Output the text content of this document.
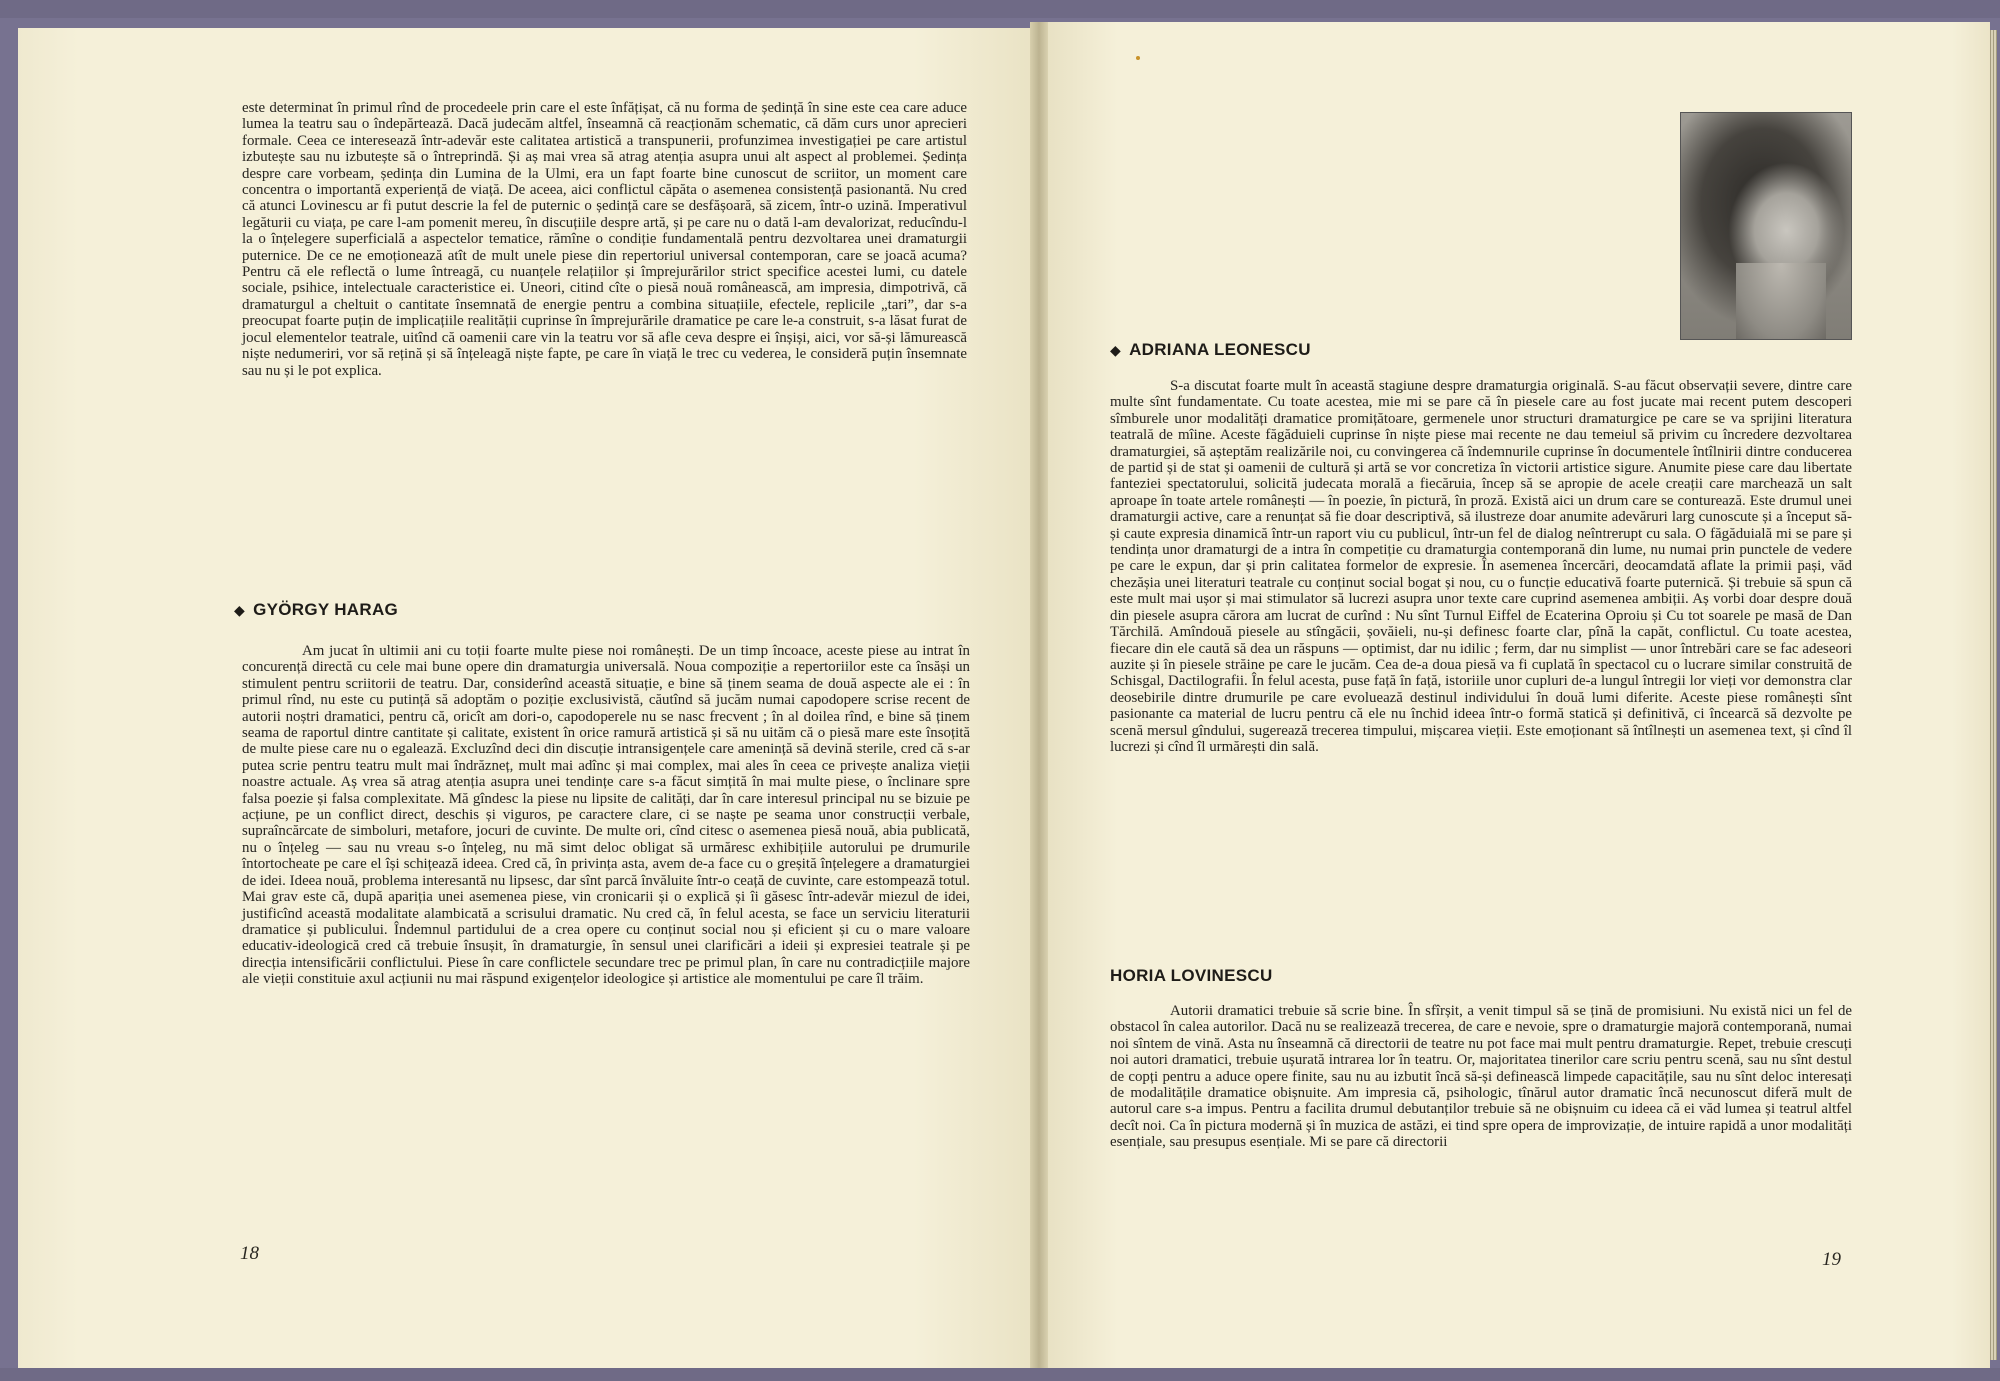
este determinat în primul rînd de procedeele prin care el este înfățișat, că nu forma de ședință în sine este cea care aduce lumea la teatru sau o îndepărtează. Dacă judecăm altfel, înseamnă că reacționăm schematic, că dăm curs unor aprecieri formale. Ceea ce interesează într-adevăr este calitatea artistică a transpunerii, profunzimea investigației pe care artistul izbutește sau nu izbutește să o întreprindă. Și aș mai vrea să atrag atenția asupra unui alt aspect al problemei. Ședința despre care vorbeam, ședința din Lumina de la Ulmi, era un fapt foarte bine cunoscut de scriitor, un moment care concentra o importantă experiență de viață. De aceea, aici conflictul căpăta o asemenea consistență pasionantă. Nu cred că atunci Lovinescu ar fi putut descrie la fel de puternic o ședință care se desfășoară, să zicem, într-o uzină. Imperativul legăturii cu viața, pe care l-am pomenit mereu, în discuțiile despre artă, și pe care nu o dată l-am devalorizat, reducîndu-l la o înțelegere superficială a aspectelor tematice, rămîne o condiție fundamentală pentru dezvoltarea unei dramaturgii puternice. De ce ne emoționează atît de mult unele piese din repertoriul universal contemporan, care se joacă acuma? Pentru că ele reflectă o lume întreagă, cu nuanțele relațiilor și împrejurărilor strict specifice acestei lumi, cu datele sociale, psihice, intelectuale caracteristice ei. Uneori, citind cîte o piesă nouă românească, am impresia, dimpotrivă, că dramaturgul a cheltuit o cantitate însemnată de energie pentru a combina situațiile, efectele, replicile „tari”, dar s-a preocupat foarte puțin de implicațiile realității cuprinse în împrejurările dramatice pe care le-a construit, s-a lăsat furat de jocul elementelor teatrale, uitînd că oamenii care vin la teatru vor să afle ceva despre ei înșiși, aici, vor să-și lămurească niște nedumeriri, vor să rețină și să înțeleagă niște fapte, pe care în viață le trec cu vederea, le consideră puțin însemnate sau nu și le pot explica.

◆ GYÖRGY HARAG

Am jucat în ultimii ani cu toții foarte multe piese noi românești. De un timp încoace, aceste piese au intrat în concurență directă cu cele mai bune opere din dramaturgia universală. Noua compoziție a repertoriilor este ca însăși un stimulent pentru scriitorii de teatru. Dar, considerînd această situație, e bine să ținem seama de două aspecte ale ei : în primul rînd, nu este cu putință să adoptăm o poziție exclusivistă, căutînd să jucăm numai capodopere scrise recent de autorii noștri dramatici, pentru că, oricît am dori-o, capodoperele nu se nasc frecvent ; în al doilea rînd, e bine să ținem seama de raportul dintre cantitate și calitate, existent în orice ramură artistică și să nu uităm că o piesă mare este însoțită de multe piese care nu o egalează. Excluzînd deci din discuție intransigențele care amenință să devină sterile, cred că s-ar putea scrie pentru teatru mult mai îndrăzneț, mult mai adînc și mai complex, mai ales în ceea ce privește analiza vieții noastre actuale. Aș vrea să atrag atenția asupra unei tendințe care s-a făcut simțită în mai multe piese, o înclinare spre falsa poezie și falsa complexitate. Mă gîndesc la piese nu lipsite de calități, dar în care interesul principal nu se bizuie pe acțiune, pe un conflict direct, deschis și viguros, pe caractere clare, ci se naște pe seama unor construcții verbale, supraîncărcate de simboluri, metafore, jocuri de cuvinte. De multe ori, cînd citesc o asemenea piesă nouă, abia publicată, nu o înțeleg — sau nu vreau s-o înțeleg, nu mă simt deloc obligat să urmăresc exhibițiile autorului pe drumurile întortocheate pe care el își schițează ideea. Cred că, în privința asta, avem de-a face cu o greșită înțelegere a dramaturgiei de idei. Ideea nouă, problema interesantă nu lipsesc, dar sînt parcă învăluite într-o ceață de cuvinte, care estompează totul. Mai grav este că, după apariția unei asemenea piese, vin cronicarii și o explică și îi găsesc într-adevăr miezul de idei, justificînd această modalitate alambicată a scrisului dramatic. Nu cred că, în felul acesta, se face un serviciu literaturii dramatice și publicului. Îndemnul partidului de a crea opere cu conținut social nou și eficient și cu o mare valoare educativ-ideologică cred că trebuie însușit, în dramaturgie, în sensul unei clarificări a ideii și expresiei teatrale și pe direcția intensificării conflictului. Piese în care conflictele secundare trec pe primul plan, în care nu contradicțiile majore ale vieții constituie axul acțiunii nu mai răspund exigențelor ideologice și artistice ale momentului pe care îl trăim.

18

◆ ADRIANA LEONESCU

S-a discutat foarte mult în această stagiune despre dramaturgia originală. S-au făcut observații severe, dintre care multe sînt fundamentate. Cu toate acestea, mie mi se pare că în piesele care au fost jucate mai recent putem descoperi sîmburele unor modalități dramatice promițătoare, germenele unor structuri dramaturgice pe care se va sprijini literatura teatrală de mîine. Aceste făgăduieli cuprinse în niște piese mai recente ne dau temeiul să privim cu încredere dezvoltarea dramaturgiei, să așteptăm realizările noi, cu convingerea că îndemnurile cuprinse în documentele întîlnirii dintre conducerea de partid și de stat și oamenii de cultură și artă se vor concretiza în victorii artistice sigure. Anumite piese care dau libertate fanteziei spectatorului, solicită judecata morală a fiecăruia, încep să se apropie de acele creații care marchează un salt aproape în toate artele românești — în poezie, în pictură, în proză. Există aici un drum care se conturează. Este drumul unei dramaturgii active, care a renunțat să fie doar descriptivă, să ilustreze doar anumite adevăruri larg cunoscute și a început să-și caute expresia dinamică într-un raport viu cu publicul, într-un fel de dialog neîntrerupt cu sala. O făgăduială mi se pare și tendința unor dramaturgi de a intra în competiție cu dramaturgia contemporană din lume, nu numai prin punctele de vedere pe care le expun, dar și prin calitatea formelor de expresie. În asemenea încercări, deocamdată aflate la primii pași, văd chezășia unei literaturi teatrale cu conținut social bogat și nou, cu o funcție educativă foarte puternică. Și trebuie să spun că este mult mai ușor și mai stimulator să lucrezi asupra unor texte care cuprind asemenea ambiții. Aș vorbi doar despre două din piesele asupra cărora am lucrat de curînd : Nu sînt Turnul Eiffel de Ecaterina Oproiu și Cu tot soarele pe masă de Dan Tărchilă. Amîndouă piesele au stîngăcii, șovăieli, nu-și definesc foarte clar, pînă la capăt, conflictul. Cu toate acestea, fiecare din ele caută să dea un răspuns — optimist, dar nu idilic ; ferm, dar nu simplist — unor întrebări care se fac adeseori auzite și în piesele străine pe care le jucăm. Cea de-a doua piesă va fi cuplată în spectacol cu o lucrare similar construită de Schisgal, Dactilografii. În felul acesta, puse față în față, istoriile unor cupluri de-a lungul întregii lor vieți vor demonstra clar deosebirile dintre drumurile pe care evoluează destinul individului în două lumi diferite. Aceste piese românești sînt pasionante ca material de lucru pentru că ele nu închid ideea într-o formă statică și definitivă, ci încearcă să dezvolte pe scenă mersul gîndului, sugerează trecerea timpului, mișcarea vieții. Este emoționant să întîlnești un asemenea text, și cînd îl lucrezi și cînd îl urmărești din sală.

HORIA LOVINESCU

Autorii dramatici trebuie să scrie bine. În sfîrșit, a venit timpul să se țină de promisiuni. Nu există nici un fel de obstacol în calea autorilor. Dacă nu se realizează trecerea, de care e nevoie, spre o dramaturgie majoră contemporană, numai noi sîntem de vină. Asta nu înseamnă că directorii de teatre nu pot face mai mult pentru dramaturgie. Repet, trebuie crescuți noi autori dramatici, trebuie ușurată intrarea lor în teatru. Or, majoritatea tinerilor care scriu pentru scenă, sau nu sînt destul de copți pentru a aduce opere finite, sau nu au izbutit încă să-și definească limpede capacitățile, sau nu sînt deloc interesați de modalitățile dramatice obișnuite. Am impresia că, psihologic, tînărul autor dramatic încă necunoscut diferă mult de autorul care s-a impus. Pentru a facilita drumul debutanților trebuie să ne obișnuim cu ideea că ei văd lumea și teatrul altfel decît noi. Ca în pictura modernă și în muzica de astăzi, ei tind spre opera de improvizație, de intuire rapidă a unor modalități esențiale, sau presupus esențiale. Mi se pare că directorii

19
